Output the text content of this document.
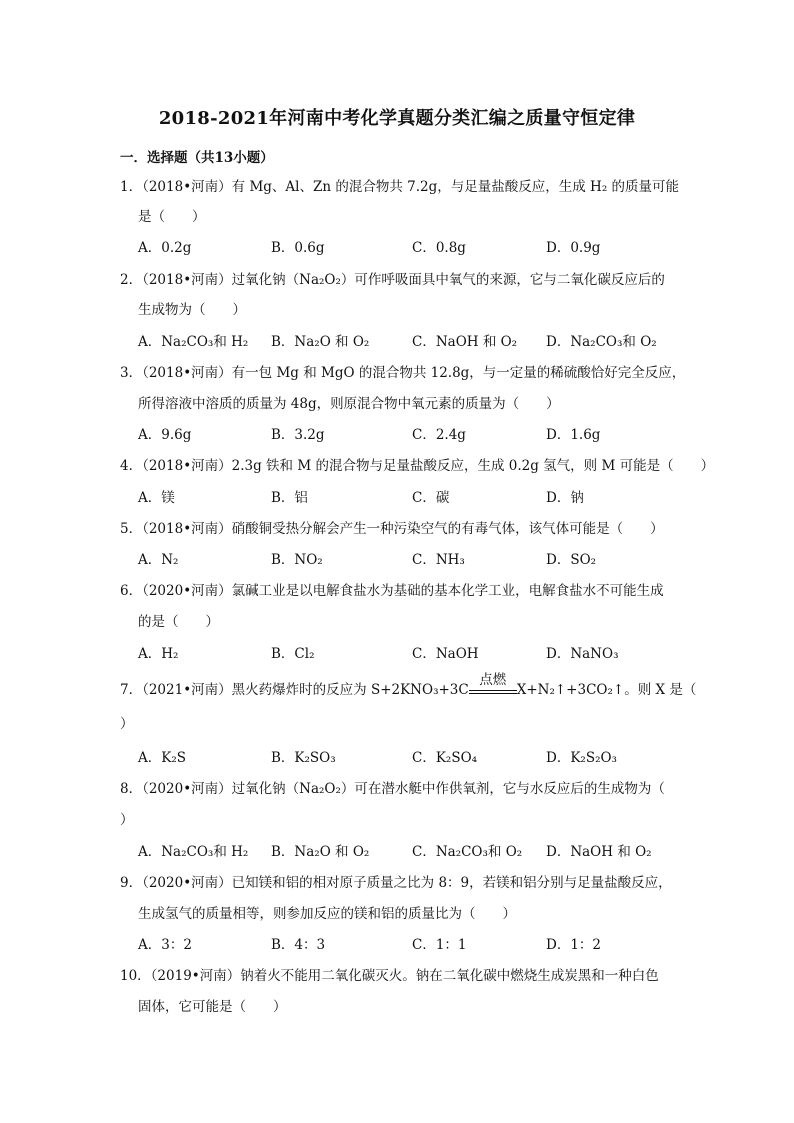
2018-2021年河南中考化学真题分类汇编之质量守恒定律
一．选择题（共13小题）
1．（2018•河南）有 Mg、Al、Zn 的混合物共 7.2g，与足量盐酸反应，生成 H₂ 的质量可能
是（　　）
A．0.2g	B．0.6g	C．0.8g	D．0.9g
2．（2018•河南）过氧化钠（Na₂O₂）可作呼吸面具中氧气的来源，它与二氧化碳反应后的
生成物为（　　）
A．Na₂CO₃和 H₂ B．Na₂O 和 O₂	C．NaOH 和 O₂ D．Na₂CO₃和 O₂
3．（2018•河南）有一包 Mg 和 MgO 的混合物共 12.8g，与一定量的稀硫酸恰好完全反应，
所得溶液中溶质的质量为 48g，则原混合物中氧元素的质量为（　　）
A．9.6g	B．3.2g	C．2.4g	D．1.6g
4．（2018•河南）2.3g 铁和 M 的混合物与足量盐酸反应，生成 0.2g 氢气，则 M 可能是（　　）
A．镁	B．铝	C．碳	D．钠
5．（2018•河南）硝酸铜受热分解会产生一种污染空气的有毒气体，该气体可能是（　　）
A．N₂	B．NO₂	C．NH₃	D．SO₂
6．（2020•河南）氯碱工业是以电解食盐水为基础的基本化学工业，电解食盐水不可能生成
的是（　　）
A．H₂	B．Cl₂	C．NaOH	D．NaNO₃
7．（2021•河南）黑火药爆炸时的反应为 S+2KNO₃+3C
点燃
X+N₂↑+3CO₂↑。则 X 是（
）
A．K₂S	B．K₂SO₃	C．K₂SO₄	D．K₂S₂O₃
8．（2020•河南）过氧化钠（Na₂O₂）可在潜水艇中作供氧剂，它与水反应后的生成物为（
）
A．Na₂CO₃和 H₂ B．Na₂O 和 O₂	C．Na₂CO₃和 O₂ D．NaOH 和 O₂
9．（2020•河南）已知镁和铝的相对原子质量之比为 8：9，若镁和铝分别与足量盐酸反应，
生成氢气的质量相等，则参加反应的镁和铝的质量比为（　　）
A．3：2	B．4：3	C．1：1	D．1：2
10．（2019•河南）钠着火不能用二氧化碳灭火。钠在二氧化碳中燃烧生成炭黑和一种白色
固体，它可能是（　　）
